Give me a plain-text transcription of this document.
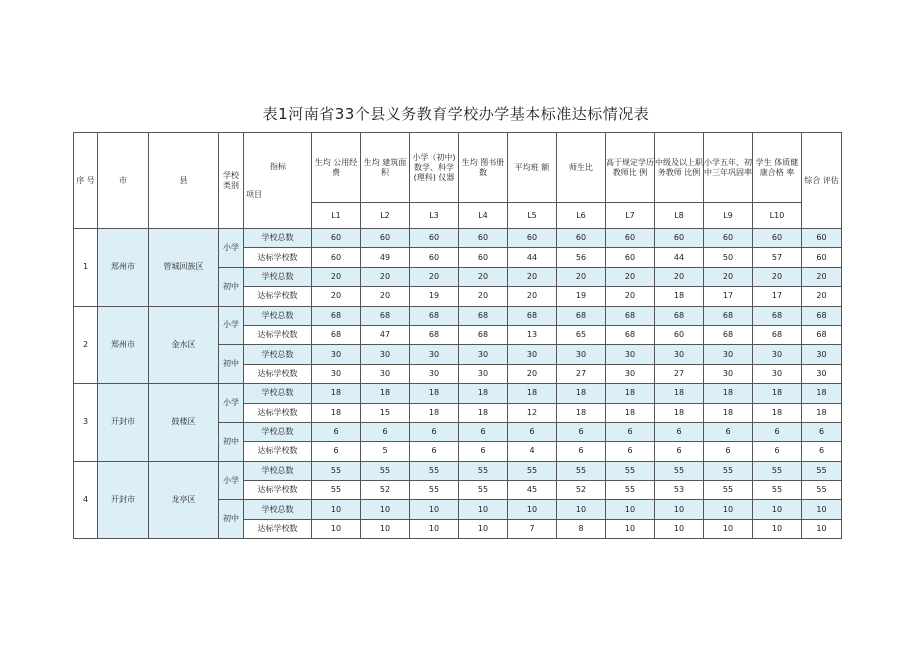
表1河南省33个县义务教育学校办学基本标准达标情况表
序 号	市	县	学校 类别	指标
项目	生均 公用经费	生均 建筑面积	小学（初中)数学、科学(理科) 仪器	生均 图书册数	平均班 额	师生比	高于规定学历教师比 例	中级及以上职务教师 比例	小学五年、初中三年巩固率	学生 体质健康合格 率	综合 评估
					L1	L2	L3	L4	L5	L6	L7	L8	L9	L10	
1	郑州市	管城回族区	小学	学校总数	60	60	60	60	60	60	60	60	60	60	60
				达标学校数	60	49	60	60	44	56	60	44	50	57	60
			初中	学校总数	20	20	20	20	20	20	20	20	20	20	20
				达标学校数	20	20	19	20	20	19	20	18	17	17	20
2	郑州市	金水区	小学	学校总数	68	68	68	68	68	68	68	68	68	68	68
				达标学校数	68	47	68	68	13	65	68	60	68	68	68
			初中	学校总数	30	30	30	30	30	30	30	30	30	30	30
				达标学校数	30	30	30	30	20	27	30	27	30	30	30
3	开封市	鼓楼区	小学	学校总数	18	18	18	18	18	18	18	18	18	18	18
				达标学校数	18	15	18	18	12	18	18	18	18	18	18
			初中	学校总数	6	6	6	6	6	6	6	6	6	6	6
				达标学校数	6	5	6	6	4	6	6	6	6	6	6
4	开封市	龙亭区	小学	学校总数	55	55	55	55	55	55	55	55	55	55	55
				达标学校数	55	52	55	55	45	52	55	53	55	55	55
			初中	学校总数	10	10	10	10	10	10	10	10	10	10	10
				达标学校数	10	10	10	10	7	8	10	10	10	10	10
